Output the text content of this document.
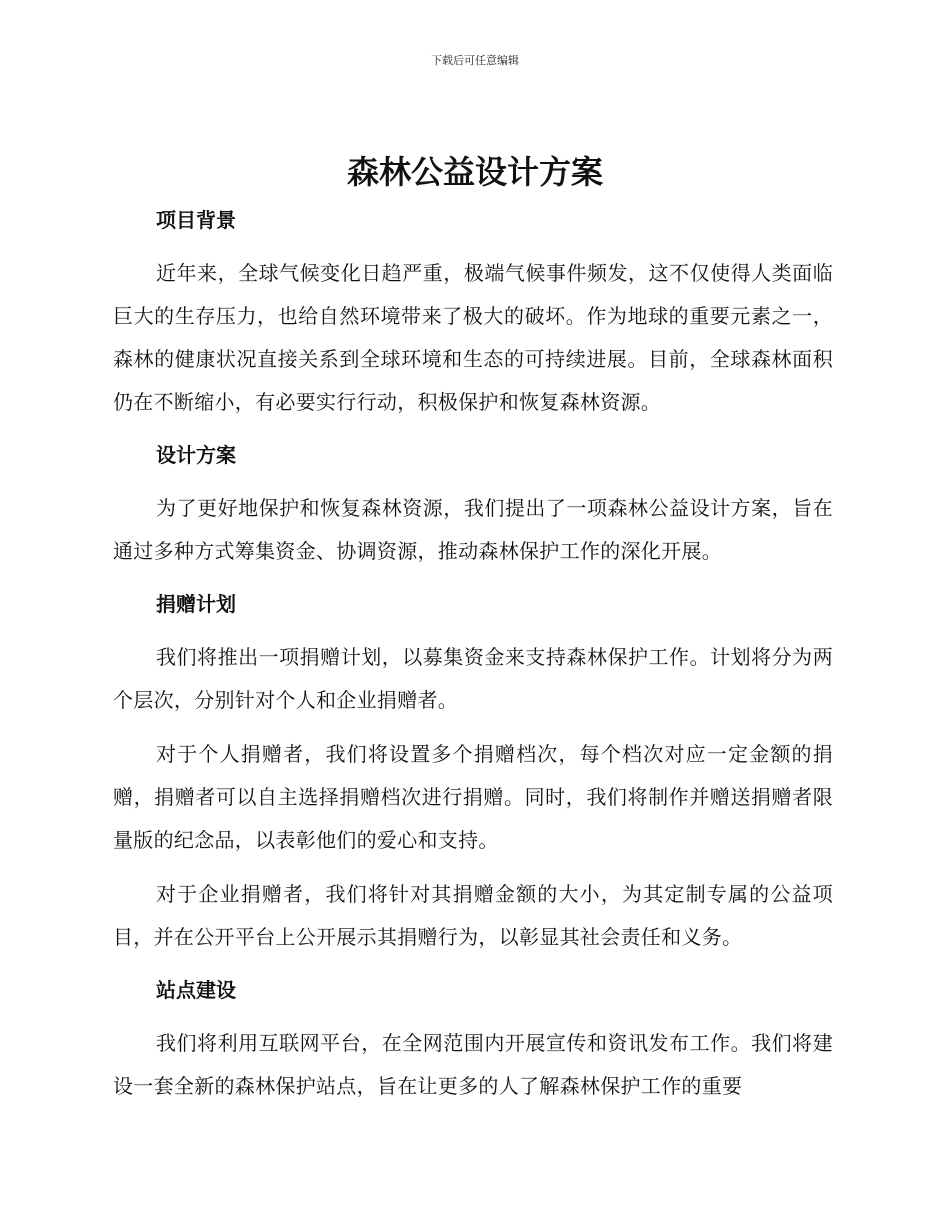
下载后可任意编辑
森林公益设计方案
项目背景

近年来，全球气候变化日趋严重，极端气候事件频发，这不仅使得人类面临巨大的生存压力，也给自然环境带来了极大的破坏。作为地球的重要元素之一，森林的健康状况直接关系到全球环境和生态的可持续进展。目前，全球森林面积仍在不断缩小，有必要实行行动，积极保护和恢复森林资源。

设计方案

为了更好地保护和恢复森林资源，我们提出了一项森林公益设计方案，旨在通过多种方式筹集资金、协调资源，推动森林保护工作的深化开展。

捐赠计划

我们将推出一项捐赠计划，以募集资金来支持森林保护工作。计划将分为两个层次，分别针对个人和企业捐赠者。

对于个人捐赠者，我们将设置多个捐赠档次，每个档次对应一定金额的捐赠，捐赠者可以自主选择捐赠档次进行捐赠。同时，我们将制作并赠送捐赠者限量版的纪念品，以表彰他们的爱心和支持。

对于企业捐赠者，我们将针对其捐赠金额的大小，为其定制专属的公益项目，并在公开平台上公开展示其捐赠行为，以彰显其社会责任和义务。

站点建设

我们将利用互联网平台，在全网范围内开展宣传和资讯发布工作。我们将建设一套全新的森林保护站点，旨在让更多的人了解森林保护工作的重要
